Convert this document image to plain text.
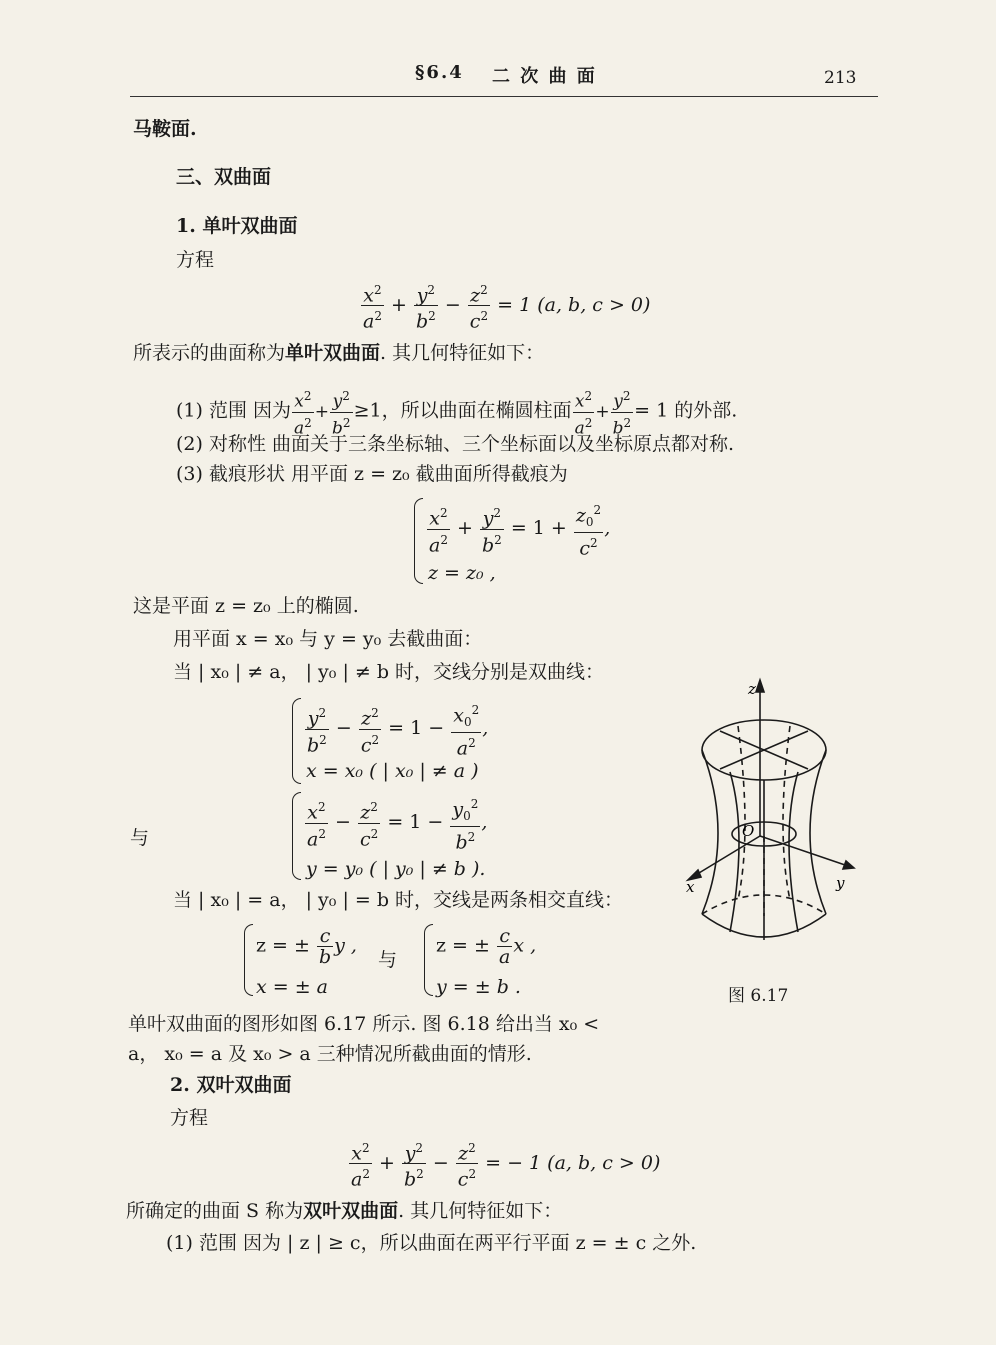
§6.4 二 次 曲 面	213
马鞍面.
三、双曲面
1. 单叶双曲面
方程
$\frac{x^2}{a^2} + \frac{y^2}{b^2} - \frac{z^2}{c^2} = 1$ (a, b, c > 0)
所表示的曲面称为单叶双曲面. 其几何特征如下：
(1) 范围 因为 $\frac{x^2}{a^2} + \frac{y^2}{b^2} \ge 1$，所以曲面在椭圆柱面 $\frac{x^2}{a^2} + \frac{y^2}{b^2} = 1$ 的外部.
(2) 对称性 曲面关于三条坐标轴、三个坐标面以及坐标原点都对称.
(3) 截痕形状 用平面 z = z₀ 截曲面所得截痕为
$\frac{x^2}{a^2} + \frac{y^2}{b^2} = 1 + \frac{z_0^2}{c^2}$ ,
z = z₀ ,
这是平面 z = z₀ 上的椭圆.
用平面 x = x₀ 与 y = y₀ 去截曲面：
当 | x₀ | ≠ a， | y₀ | ≠ b 时，交线分别是双曲线：
$\frac{y^2}{b^2} - \frac{z^2}{c^2} = 1 - \frac{x_0^2}{a^2}$ ,
x = x₀ ( | x₀ | ≠ a )
与	$\frac{x^2}{a^2} - \frac{z^2}{c^2} = 1 - \frac{y_0^2}{b^2}$ ,
y = y₀ ( | y₀ | ≠ b ).
当 | x₀ | = a， | y₀ | = b 时，交线是两条相交直线：
z = ± $\frac{c}{b}$ y ,
x = ± a
与
z = ± $\frac{c}{a}$ x ,
y = ± b .
单叶双曲面的图形如图 6.17 所示. 图 6.18 给出当 x₀ <
a， x₀ = a 及 x₀ > a 三种情况所截曲面的情形.
2. 双叶双曲面
方程
$\frac{x^2}{a^2} + \frac{y^2}{b^2} - \frac{z^2}{c^2}$ = − 1 (a, b, c > 0)
所确定的曲面 S 称为双叶双曲面. 其几何特征如下：
(1) 范围 因为 | z | ≥ c，所以曲面在两平行平面 z = ± c 之外.
z
x	y
O
图 6.17
